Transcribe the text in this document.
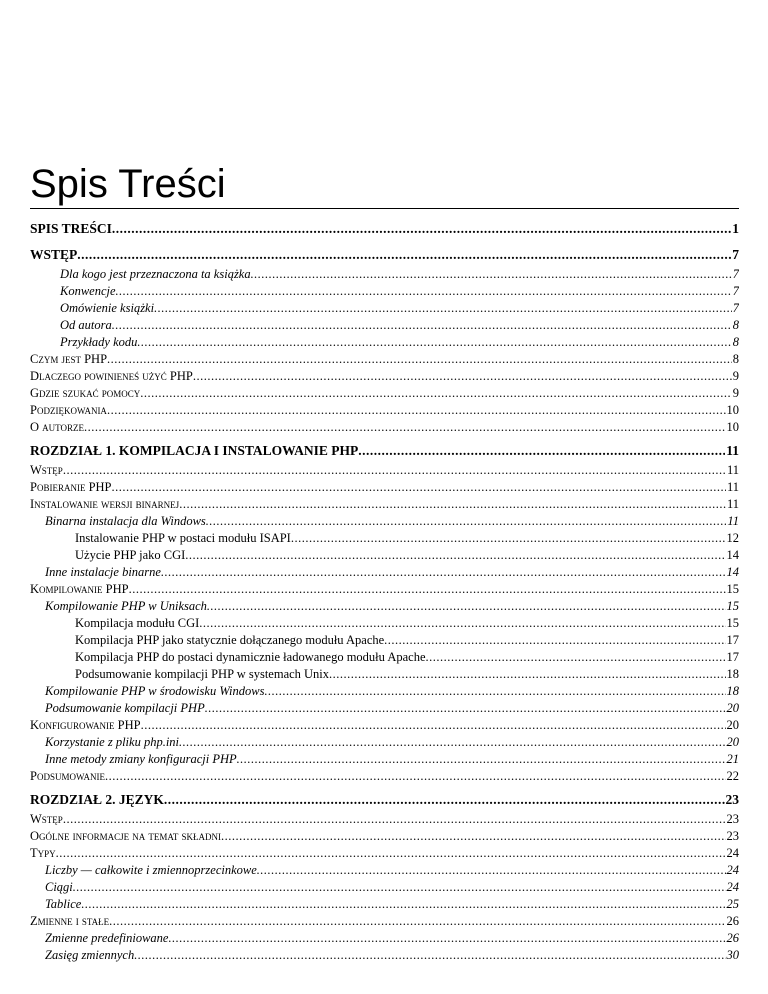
Spis Treści
SPIS TREŚCI .....	1
WSTĘP .....	7
Dla kogo jest przeznaczona ta książka .....	7
Konwencje .....	7
Omówienie książki .....	7
Od autora .....	8
Przykłady kodu .....	8
Czym jest PHP .....	8
Dlaczego powinieneś użyć PHP .....	9
Gdzie szukać pomocy .....	9
Podziękowania .....	10
O autorze .....	10
ROZDZIAŁ 1. KOMPILACJA I INSTALOWANIE PHP .....	11
Wstęp .....	11
Pobieranie PHP .....	11
Instalowanie wersji binarnej .....	11
Binarna instalacja dla Windows .....	11
Instalowanie PHP w postaci modułu ISAPI .....	12
Użycie PHP jako CGI .....	14
Inne instalacje binarne .....	14
Kompilowanie PHP .....	15
Kompilowanie PHP w Uniksach .....	15
Kompilacja modułu CGI .....	15
Kompilacja PHP jako statycznie dołączanego modułu Apache .....	17
Kompilacja PHP do postaci dynamicznie ładowanego modułu Apache .....	17
Podsumowanie kompilacji PHP w systemach Unix .....	18
Kompilowanie PHP w środowisku Windows .....	18
Podsumowanie kompilacji PHP .....	20
Konfigurowanie PHP .....	20
Korzystanie z pliku php.ini .....	20
Inne metody zmiany konfiguracji PHP .....	21
Podsumowanie .....	22
ROZDZIAŁ 2. JĘZYK .....	23
Wstęp .....	23
Ogólne informacje na temat składni .....	23
Typy .....	24
Liczby — całkowite i zmiennoprzecinkowe .....	24
Ciągi .....	24
Tablice .....	25
Zmienne i stałe .....	26
Zmienne predefiniowane .....	26
Zasięg zmiennych .....	30
